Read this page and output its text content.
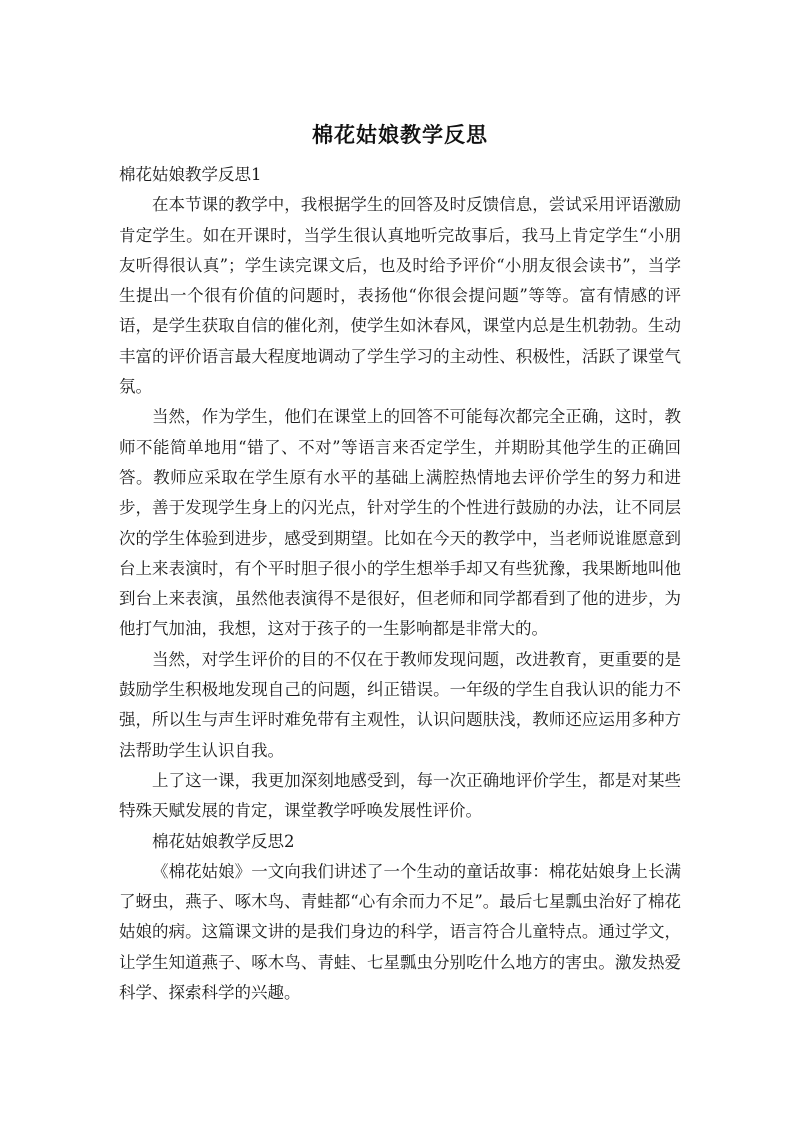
棉花姑娘教学反思

棉花姑娘教学反思1

在本节课的教学中，我根据学生的回答及时反馈信息，尝试采用评语激励肯定学生。如在开课时，当学生很认真地听完故事后，我马上肯定学生“小朋友听得很认真”；学生读完课文后，也及时给予评价“小朋友很会读书”，当学生提出一个很有价值的问题时，表扬他“你很会提问题”等等。富有情感的评语，是学生获取自信的催化剂，使学生如沐春风，课堂内总是生机勃勃。生动丰富的评价语言最大程度地调动了学生学习的主动性、积极性，活跃了课堂气氛。

当然，作为学生，他们在课堂上的回答不可能每次都完全正确，这时，教师不能简单地用“错了、不对”等语言来否定学生，并期盼其他学生的正确回答。教师应采取在学生原有水平的基础上满腔热情地去评价学生的努力和进步，善于发现学生身上的闪光点，针对学生的个性进行鼓励的办法，让不同层次的学生体验到进步，感受到期望。比如在今天的教学中，当老师说谁愿意到台上来表演时，有个平时胆子很小的学生想举手却又有些犹豫，我果断地叫他到台上来表演，虽然他表演得不是很好，但老师和同学都看到了他的进步，为他打气加油，我想，这对于孩子的一生影响都是非常大的。

当然，对学生评价的目的不仅在于教师发现问题，改进教育，更重要的是鼓励学生积极地发现自己的问题，纠正错误。一年级的学生自我认识的能力不强，所以生与声生评时难免带有主观性，认识问题肤浅，教师还应运用多种方法帮助学生认识自我。

上了这一课，我更加深刻地感受到，每一次正确地评价学生，都是对某些特殊天赋发展的肯定，课堂教学呼唤发展性评价。

棉花姑娘教学反思2

《棉花姑娘》一文向我们讲述了一个生动的童话故事：棉花姑娘身上长满了蚜虫，燕子、啄木鸟、青蛙都“心有余而力不足”。最后七星瓢虫治好了棉花姑娘的病。这篇课文讲的是我们身边的科学，语言符合儿童特点。通过学文，让学生知道燕子、啄木鸟、青蛙、七星瓢虫分别吃什么地方的害虫。激发热爱科学、探索科学的兴趣。
